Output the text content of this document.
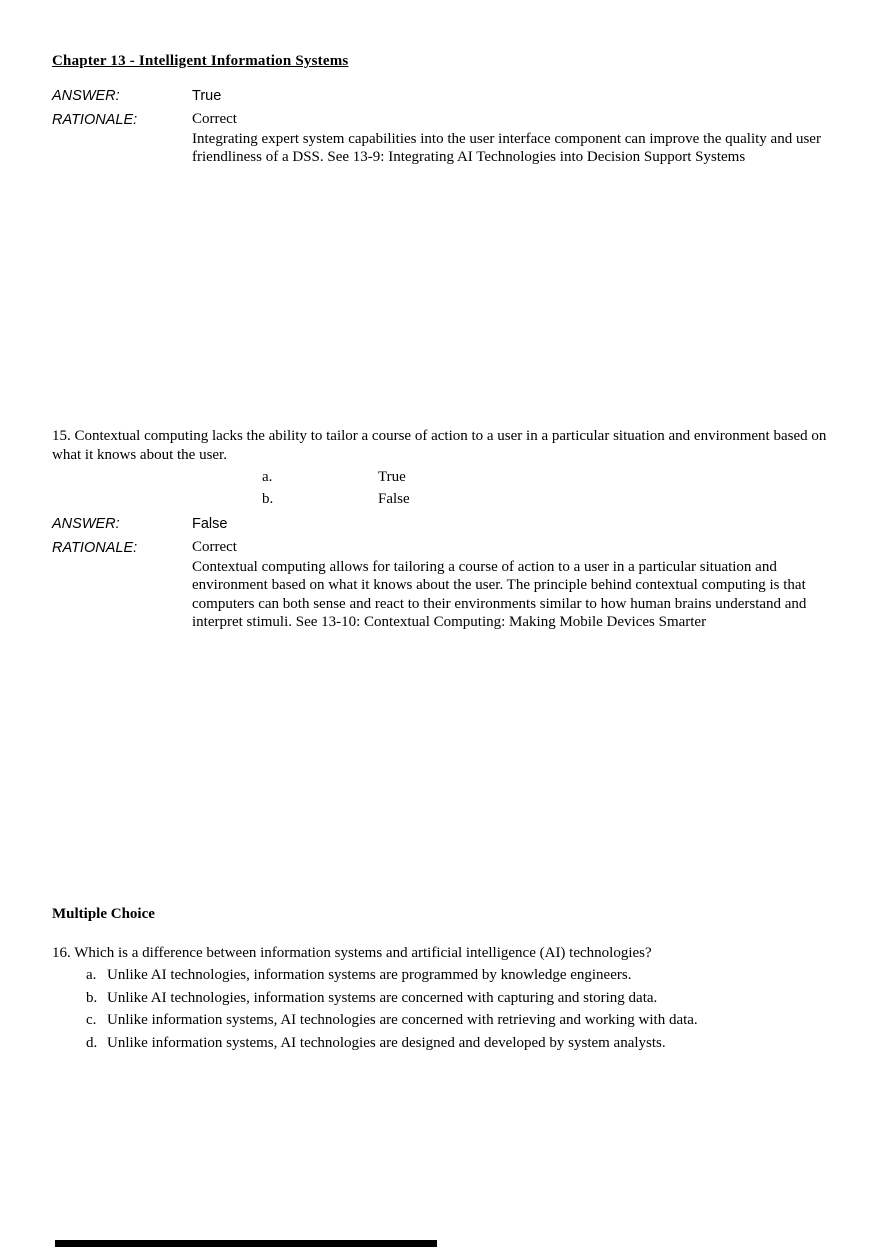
Chapter 13 - Intelligent Information Systems
ANSWER:	True
RATIONALE:	Correct
Integrating expert system capabilities into the user interface component can improve the quality and user friendliness of a DSS. See 13-9: Integrating AI Technologies into Decision Support Systems
15. Contextual computing lacks the ability to tailor a course of action to a user in a particular situation and environment based on what it knows about the user.
a.	True
b.	False
ANSWER:	False
RATIONALE:	Correct
Contextual computing allows for tailoring a course of action to a user in a particular situation and environment based on what it knows about the user. The principle behind contextual computing is that computers can both sense and react to their environments similar to how human brains understand and interpret stimuli. See 13-10: Contextual Computing: Making Mobile Devices Smarter
Multiple Choice
16. Which is a difference between information systems and artificial intelligence (AI) technologies?
a. Unlike AI technologies, information systems are programmed by knowledge engineers.
b. Unlike AI technologies, information systems are concerned with capturing and storing data.
c. Unlike information systems, AI technologies are concerned with retrieving and working with data.
d. Unlike information systems, AI technologies are designed and developed by system analysts.
